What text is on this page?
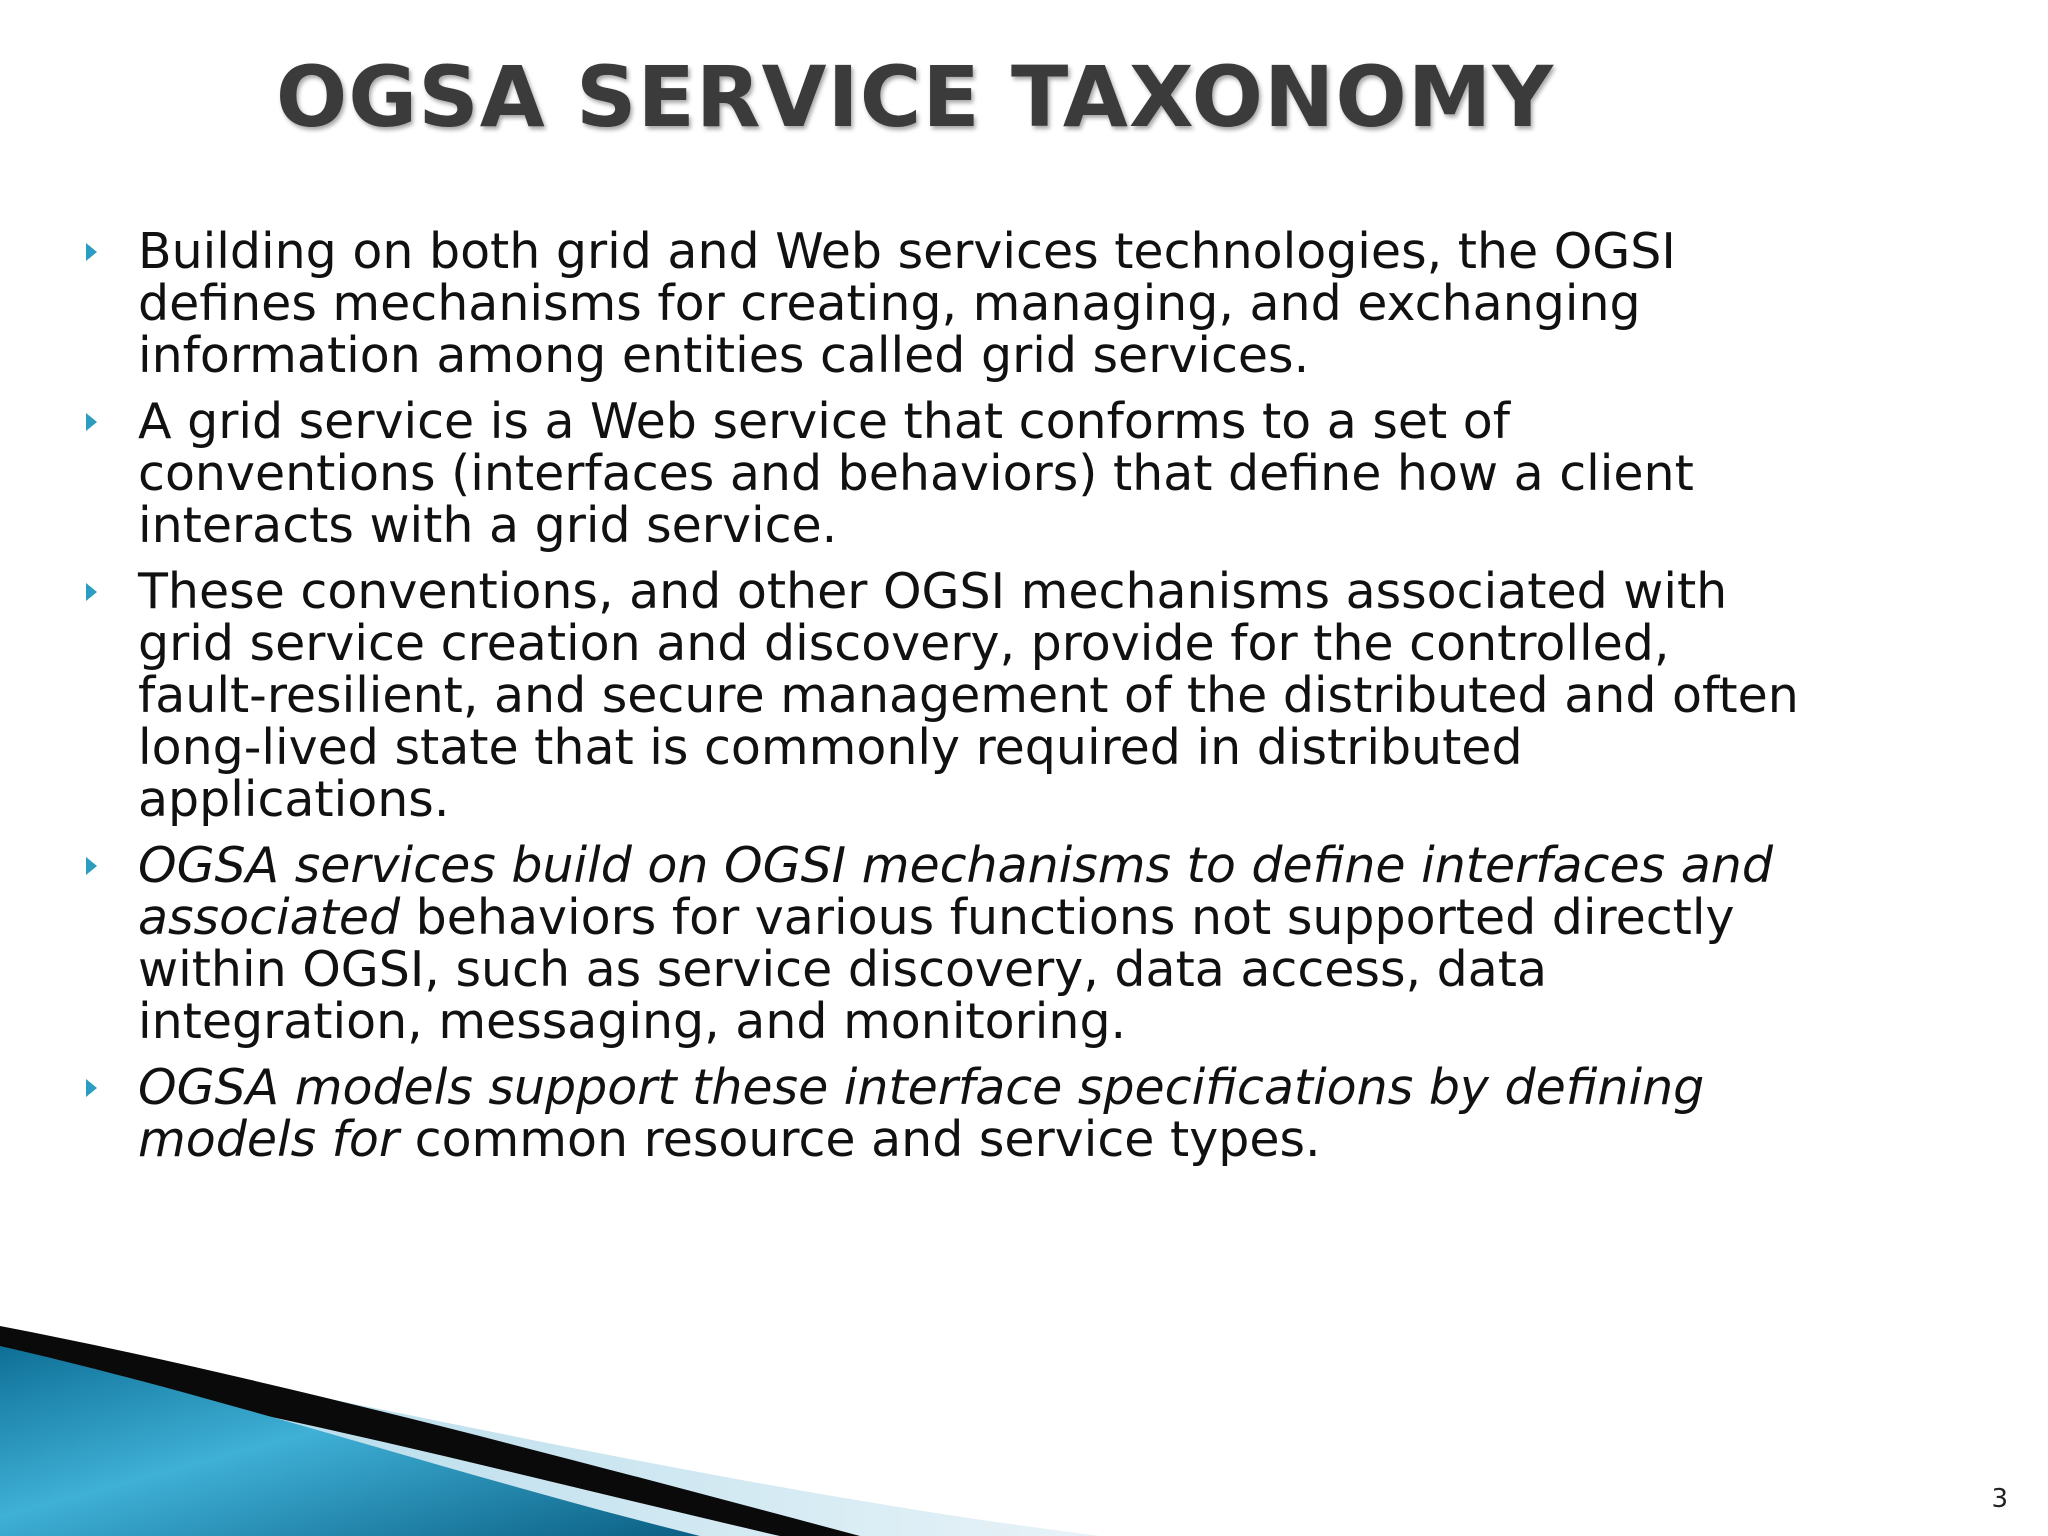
OGSA SERVICE TAXONOMY
Building on both grid and Web services technologies, the OGSI defines mechanisms for creating, managing, and exchanging information among entities called grid services.
A grid service is a Web service that conforms to a set of conventions (interfaces and behaviors) that define how a client interacts with a grid service.
These conventions, and other OGSI mechanisms associated with grid service creation and discovery, provide for the controlled, fault-resilient, and secure management of the distributed and often long-lived state that is commonly required in distributed applications.
OGSA services build on OGSI mechanisms to define interfaces and associated behaviors for various functions not supported directly within OGSI, such as service discovery, data access, data integration, messaging, and monitoring.
OGSA models support these interface specifications by defining models for common resource and service types.
3
